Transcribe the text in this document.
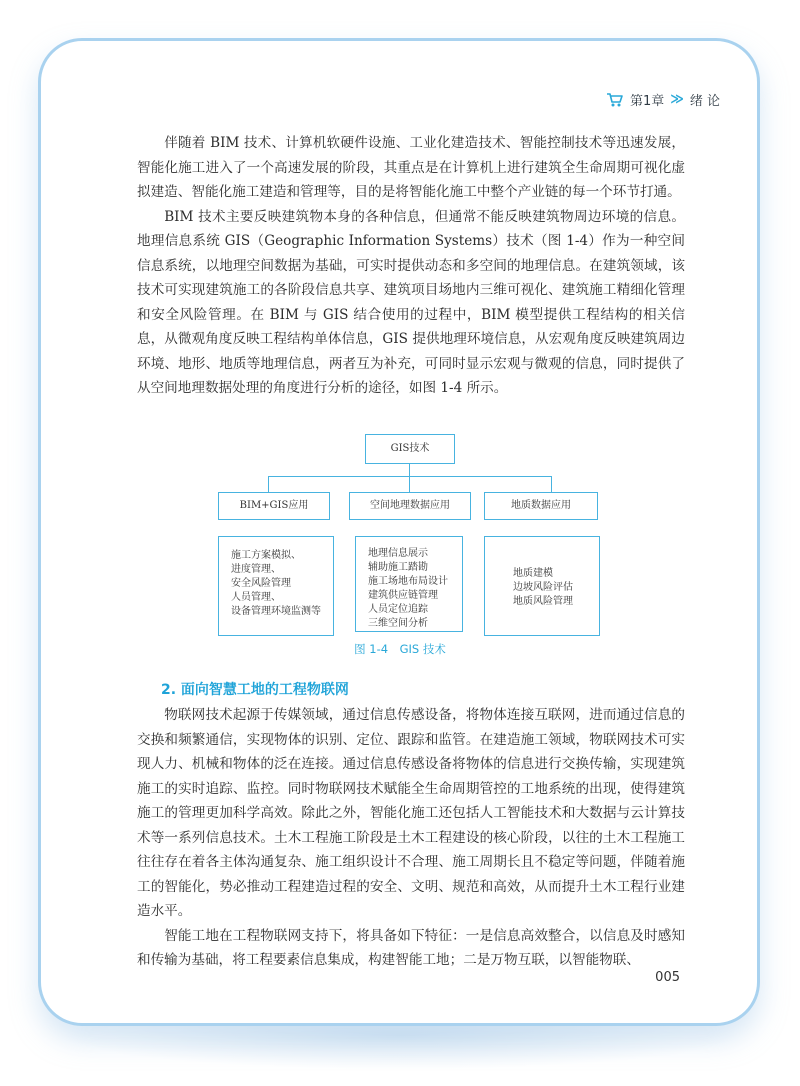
第1章 ≫ 绪 论

伴随着 BIM 技术、计算机软硬件设施、工业化建造技术、智能控制技术等迅速发展，智能化施工进入了一个高速发展的阶段，其重点是在计算机上进行建筑全生命周期可视化虚拟建造、智能化施工建造和管理等，目的是将智能化施工中整个产业链的每一个环节打通。

BIM 技术主要反映建筑物本身的各种信息，但通常不能反映建筑物周边环境的信息。地理信息系统 GIS（Geographic Information Systems）技术（图 1-4）作为一种空间信息系统，以地理空间数据为基础，可实时提供动态和多空间的地理信息。在建筑领域，该技术可实现建筑施工的各阶段信息共享、建筑项目场地内三维可视化、建筑施工精细化管理和安全风险管理。在 BIM 与 GIS 结合使用的过程中，BIM 模型提供工程结构的相关信息，从微观角度反映工程结构单体信息，GIS 提供地理环境信息，从宏观角度反映建筑周边环境、地形、地质等地理信息，两者互为补充，可同时显示宏观与微观的信息，同时提供了从空间地理数据处理的角度进行分析的途径，如图 1-4 所示。

GIS技术
BIM+GIS应用	空间地理数据应用	地质数据应用
施工方案模拟、
进度管理、
安全风险管理
人员管理、
设备管理环境监测等
地理信息展示
辅助施工踏勘
施工场地布局设计
建筑供应链管理
人员定位追踪
三维空间分析
地质建模
边坡风险评估
地质风险管理
图 1-4　GIS 技术
2. 面向智慧工地的工程物联网

物联网技术起源于传媒领域，通过信息传感设备，将物体连接互联网，进而通过信息的交换和频繁通信，实现物体的识别、定位、跟踪和监管。在建造施工领域，物联网技术可实现人力、机械和物体的泛在连接。通过信息传感设备将物体的信息进行交换传输，实现建筑施工的实时追踪、监控。同时物联网技术赋能全生命周期管控的工地系统的出现，使得建筑施工的管理更加科学高效。除此之外，智能化施工还包括人工智能技术和大数据与云计算技术等一系列信息技术。土木工程施工阶段是土木工程建设的核心阶段，以往的土木工程施工往往存在着各主体沟通复杂、施工组织设计不合理、施工周期长且不稳定等问题，伴随着施工的智能化，势必推动工程建造过程的安全、文明、规范和高效，从而提升土木工程行业建造水平。

智能工地在工程物联网支持下，将具备如下特征：一是信息高效整合，以信息及时感知和传输为基础，将工程要素信息集成，构建智能工地；二是万物互联，以智能物联、

005
